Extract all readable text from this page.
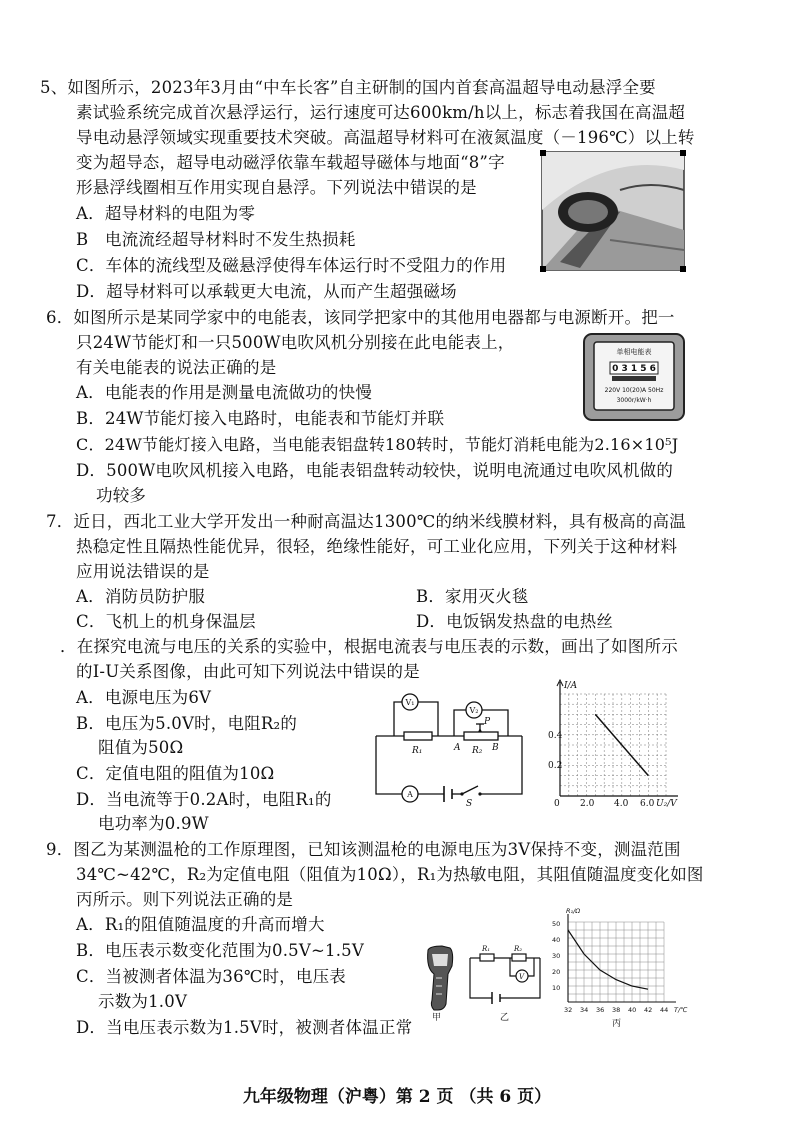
5、如图所示，2023年3月由“中车长客”自主研制的国内首套高温超导电动悬浮全要
素试验系统完成首次悬浮运行，运行速度可达600km/h以上，标志着我国在高温超
导电动悬浮领域实现重要技术突破。高温超导材料可在液氮温度（－196℃）以上转
变为超导态，超导电动磁浮依靠车载超导磁体与地面“8”字
形悬浮线圈相互作用实现自悬浮。下列说法中错误的是
A．超导材料的电阻为零
B　电流流经超导材料时不发生热损耗
C．车体的流线型及磁悬浮使得车体运行时不受阻力的作用
D．超导材料可以承载更大电流，从而产生超强磁场
6．如图所示是某同学家中的电能表，该同学把家中的其他用电器都与电源断开。把一
只24W节能灯和一只500W电吹风机分别接在此电能表上，
有关电能表的说法正确的是
A．电能表的作用是测量电流做功的快慢
B．24W节能灯接入电路时，电能表和节能灯并联
C．24W节能灯接入电路，当电能表铝盘转180转时，节能灯消耗电能为2.16×10⁵J
D．500W电吹风机接入电路，电能表铝盘转动较快，说明电流通过电吹风机做的
功较多
单相电能表
0 3 1 5 6
220V 10(20)A 50Hz
3000r/kW·h
7．近日，西北工业大学开发出一种耐高温达1300℃的纳米线膜材料，具有极高的高温
热稳定性且隔热性能优异，很轻，绝缘性能好，可工业化应用，下列关于这种材料
应用说法错误的是
A．消防员防护服	B．家用灭火毯
C．飞机上的机身保温层	D．电饭锅发热盘的电热丝
．在探究电流与电压的关系的实验中，根据电流表与电压表的示数，画出了如图所示
的I-U关系图像，由此可知下列说法中错误的是
A．电源电压为6V
B．电压为5.0V时，电阻R₂的
阻值为50Ω
C．定值电阻的阻值为10Ω
D．当电流等于0.2A时，电阻R₁的
电功率为0.9W
V₁
V₂
A
R₁	R₂
A	B
P
S
I/A
U₂/V
0.4
0.2
0 2.0 4.0 6.0
9．图乙为某测温枪的工作原理图，已知该测温枪的电源电压为3V保持不变，测温范围
34℃~42℃，R₂为定值电阻（阻值为10Ω），R₁为热敏电阻，其阻值随温度变化如图
丙所示。则下列说法正确的是
A．R₁的阻值随温度的升高而增大
B．电压表示数变化范围为0.5V~1.5V
C．当被测者体温为36℃时，电压表
示数为1.0V
D．当电压表示数为1.5V时，被测者体温正常 甲
R₁	R₂
V
乙
R₁/Ω
T/℃
50
40
30
20
10
32 34 36 38 40 42 44
丙
九年级物理（沪粤）第 2 页 （共 6 页）
